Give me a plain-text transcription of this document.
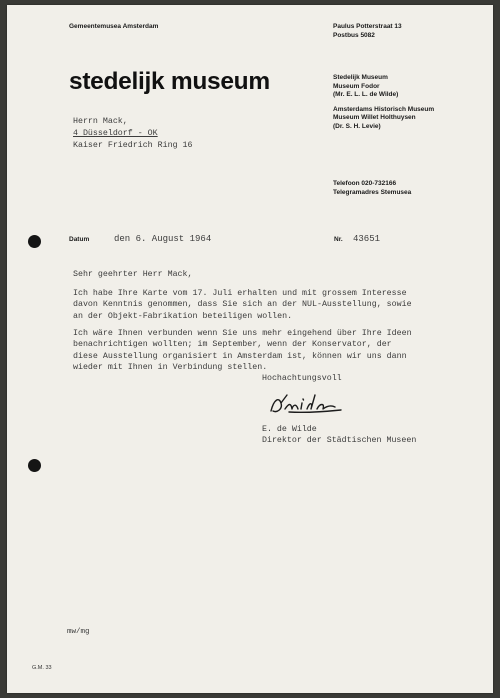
Gemeentemusea Amsterdam	Paulus Potterstraat 13
Postbus 5082
stedelijk museum	Stedelijk Museum
Museum Fodor
(Mr. E. L. L. de Wilde)
Amsterdams Historisch Museum
Museum Willet Holthuysen
(Dr. S. H. Levie)
Telefoon 020-732166
Telegramadres Stemusea
Herrn Mack,
4 Düsseldorf - OK
Kaiser Friedrich Ring 16
Datum	den 6. August 1964	Nr. 43651
Sehr geehrter Herr Mack,
Ich habe Ihre Karte vom 17. Juli erhalten und mit grossem Interesse
davon Kenntnis genommen, dass Sie sich an der NUL-Ausstellung, sowie
an der Objekt-Fabrikation beteiligen wollen.
Ich wäre Ihnen verbunden wenn Sie uns mehr eingehend über Ihre Ideen
benachrichtigen wollten; im September, wenn der Konservator, der
diese Ausstellung organisiert in Amsterdam ist, können wir uns dann
wieder mit Ihnen in Verbindung stellen.
Hochachtungsvoll
E. de Wilde
Direktor der Städtischen Museen
mw/mg
G.M. 33
